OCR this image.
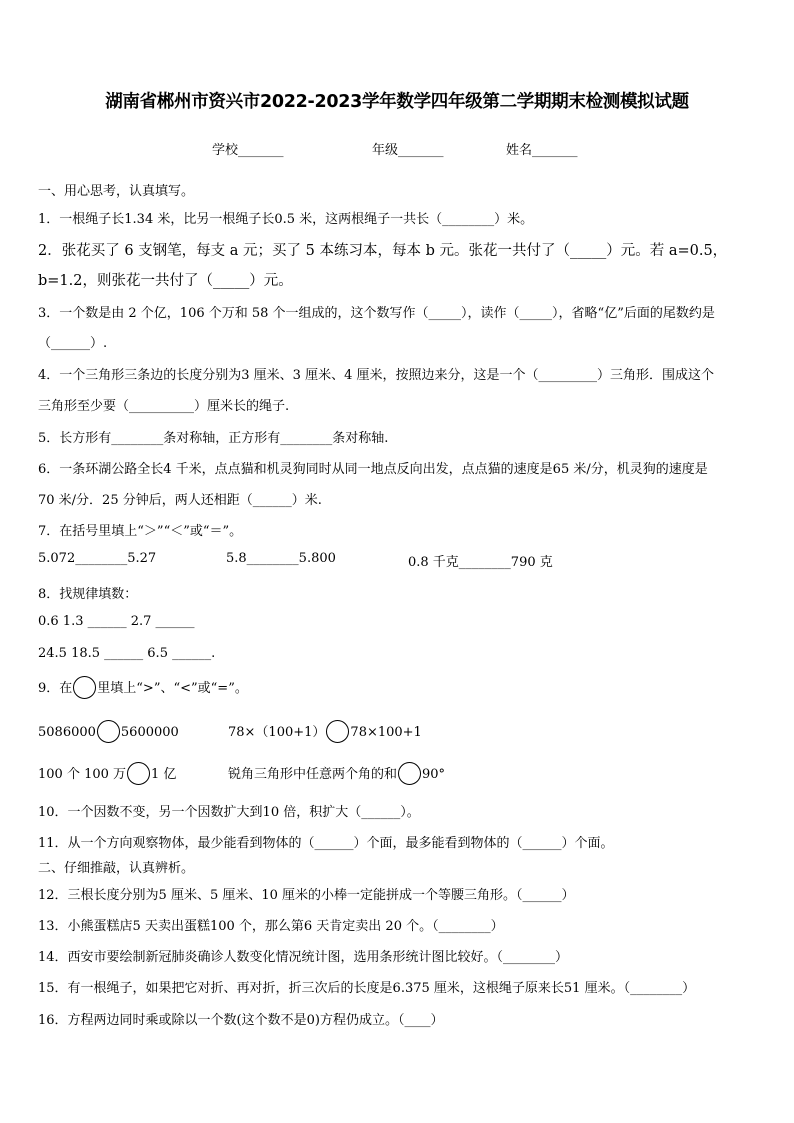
湖南省郴州市资兴市2022-2023学年数学四年级第二学期期末检测模拟试题
学校_______	年级_______	姓名_______
一、用心思考，认真填写。
1．一根绳子长1.34 米，比另一根绳子长0.5 米，这两根绳子一共长（________）米。
2．张花买了 6 支钢笔，每支 a 元；买了 5 本练习本，每本 b 元。张花一共付了（_____）元。若 a=0.5，
b=1.2，则张花一共付了（_____）元。
3．一个数是由 2 个亿，106 个万和 58 个一组成的，这个数写作（_____），读作（_____），省略“亿”后面的尾数约是
（______）.
4．一个三角形三条边的长度分别为3 厘米、3 厘米、4 厘米，按照边来分，这是一个（_________）三角形．围成这个
三角形至少要（__________）厘米长的绳子.
5．长方形有________条对称轴，正方形有________条对称轴.
6．一条环湖公路全长4 千米，点点猫和机灵狗同时从同一地点反向出发，点点猫的速度是65 米/分，机灵狗的速度是
70 米/分．25 分钟后，两人还相距（______）米.
7．在括号里填上“＞”“＜”或“＝”。
5.072________5.27	5.8________5.800	0.8 千克________790 克
8．找规律填数：
0.6 1.3 ______ 2.7 ______
24.5 18.5 ______ 6.5 ______.
9．在 里填上“>”、“<”或“=”。
5086000 5600000	78×（100+1） 78×100+1
100 个 100 万 1 亿	锐角三角形中任意两个角的和 90°
10．一个因数不变，另一个因数扩大到10 倍，积扩大（______）。
11．从一个方向观察物体，最少能看到物体的（______）个面，最多能看到物体的（______）个面。
二、仔细推敲，认真辨析。
12．三根长度分别为5 厘米、5 厘米、10 厘米的小棒一定能拼成一个等腰三角形。（______）
13．小熊蛋糕店5 天卖出蛋糕100 个，那么第6 天肯定卖出 20 个。（________）
14．西安市要绘制新冠肺炎确诊人数变化情况统计图，选用条形统计图比较好。（________）
15．有一根绳子，如果把它对折、再对折，折三次后的长度是6.375 厘米，这根绳子原来长51 厘米。（________）
16．方程两边同时乘或除以一个数(这个数不是0)方程仍成立。（____）
